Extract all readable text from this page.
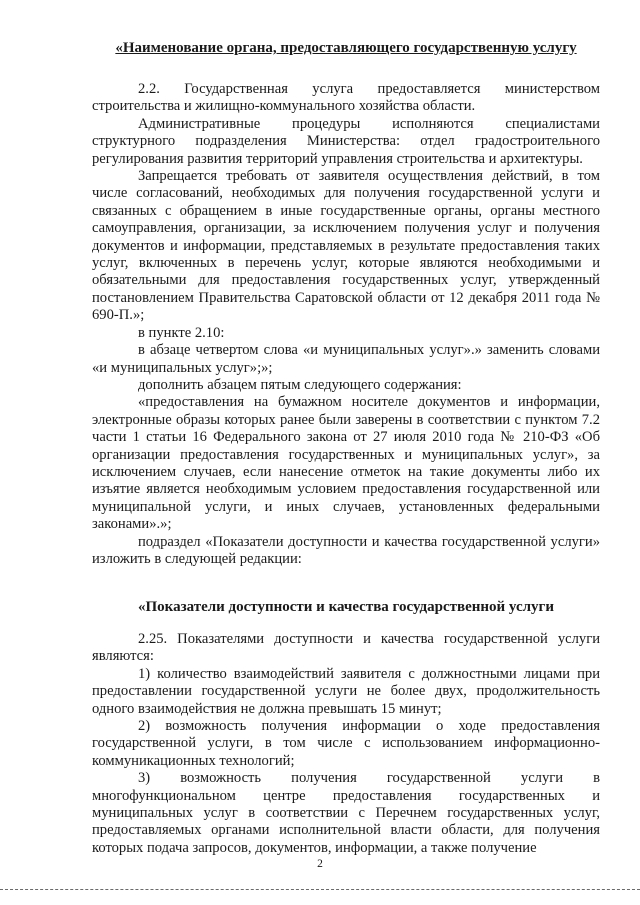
«Наименование органа, предоставляющего государственную услугу

2.2. Государственная услуга предоставляется министерством строительства и жилищно-коммунального хозяйства области.

Административные процедуры исполняются специалистами структурного подразделения Министерства: отдел градостроительного регулирования развития территорий управления строительства и архитектуры.

Запрещается требовать от заявителя осуществления действий, в том числе согласований, необходимых для получения государственной услуги и связанных с обращением в иные государственные органы, органы местного самоуправления, организации, за исключением получения услуг и получения документов и информации, представляемых в результате предоставления таких услуг, включенных в перечень услуг, которые являются необходимыми и обязательными для предоставления государственных услуг, утвержденный постановлением Правительства Саратовской области от 12 декабря 2011 года № 690-П.»;

в пункте 2.10:

в абзаце четвертом слова «и муниципальных услуг».» заменить словами «и муниципальных услуг»;»;

дополнить абзацем пятым следующего содержания:

«предоставления на бумажном носителе документов и информации, электронные образы которых ранее были заверены в соответствии с пунктом 7.2 части 1 статьи 16 Федерального закона от 27 июля 2010 года № 210-ФЗ «Об организации предоставления государственных и муниципальных услуг», за исключением случаев, если нанесение отметок на такие документы либо их изъятие является необходимым условием предоставления государственной или муниципальной услуги, и иных случаев, установленных федеральными законами».»;

подраздел «Показатели доступности и качества государственной услуги» изложить в следующей редакции:

«Показатели доступности и качества государственной услуги

2.25. Показателями доступности и качества государственной услуги являются:

1) количество взаимодействий заявителя с должностными лицами при предоставлении государственной услуги не более двух, продолжительность одного взаимодействия не должна превышать 15 минут;

2) возможность получения информации о ходе предоставления государственной услуги, в том числе с использованием информационно-коммуникационных технологий;

3) возможность получения государственной услуги в многофункциональном центре предоставления государственных и муниципальных услуг в соответствии с Перечнем государственных услуг, предоставляемых органами исполнительной власти области, для получения которых подача запросов, документов, информации, а также получение

2
